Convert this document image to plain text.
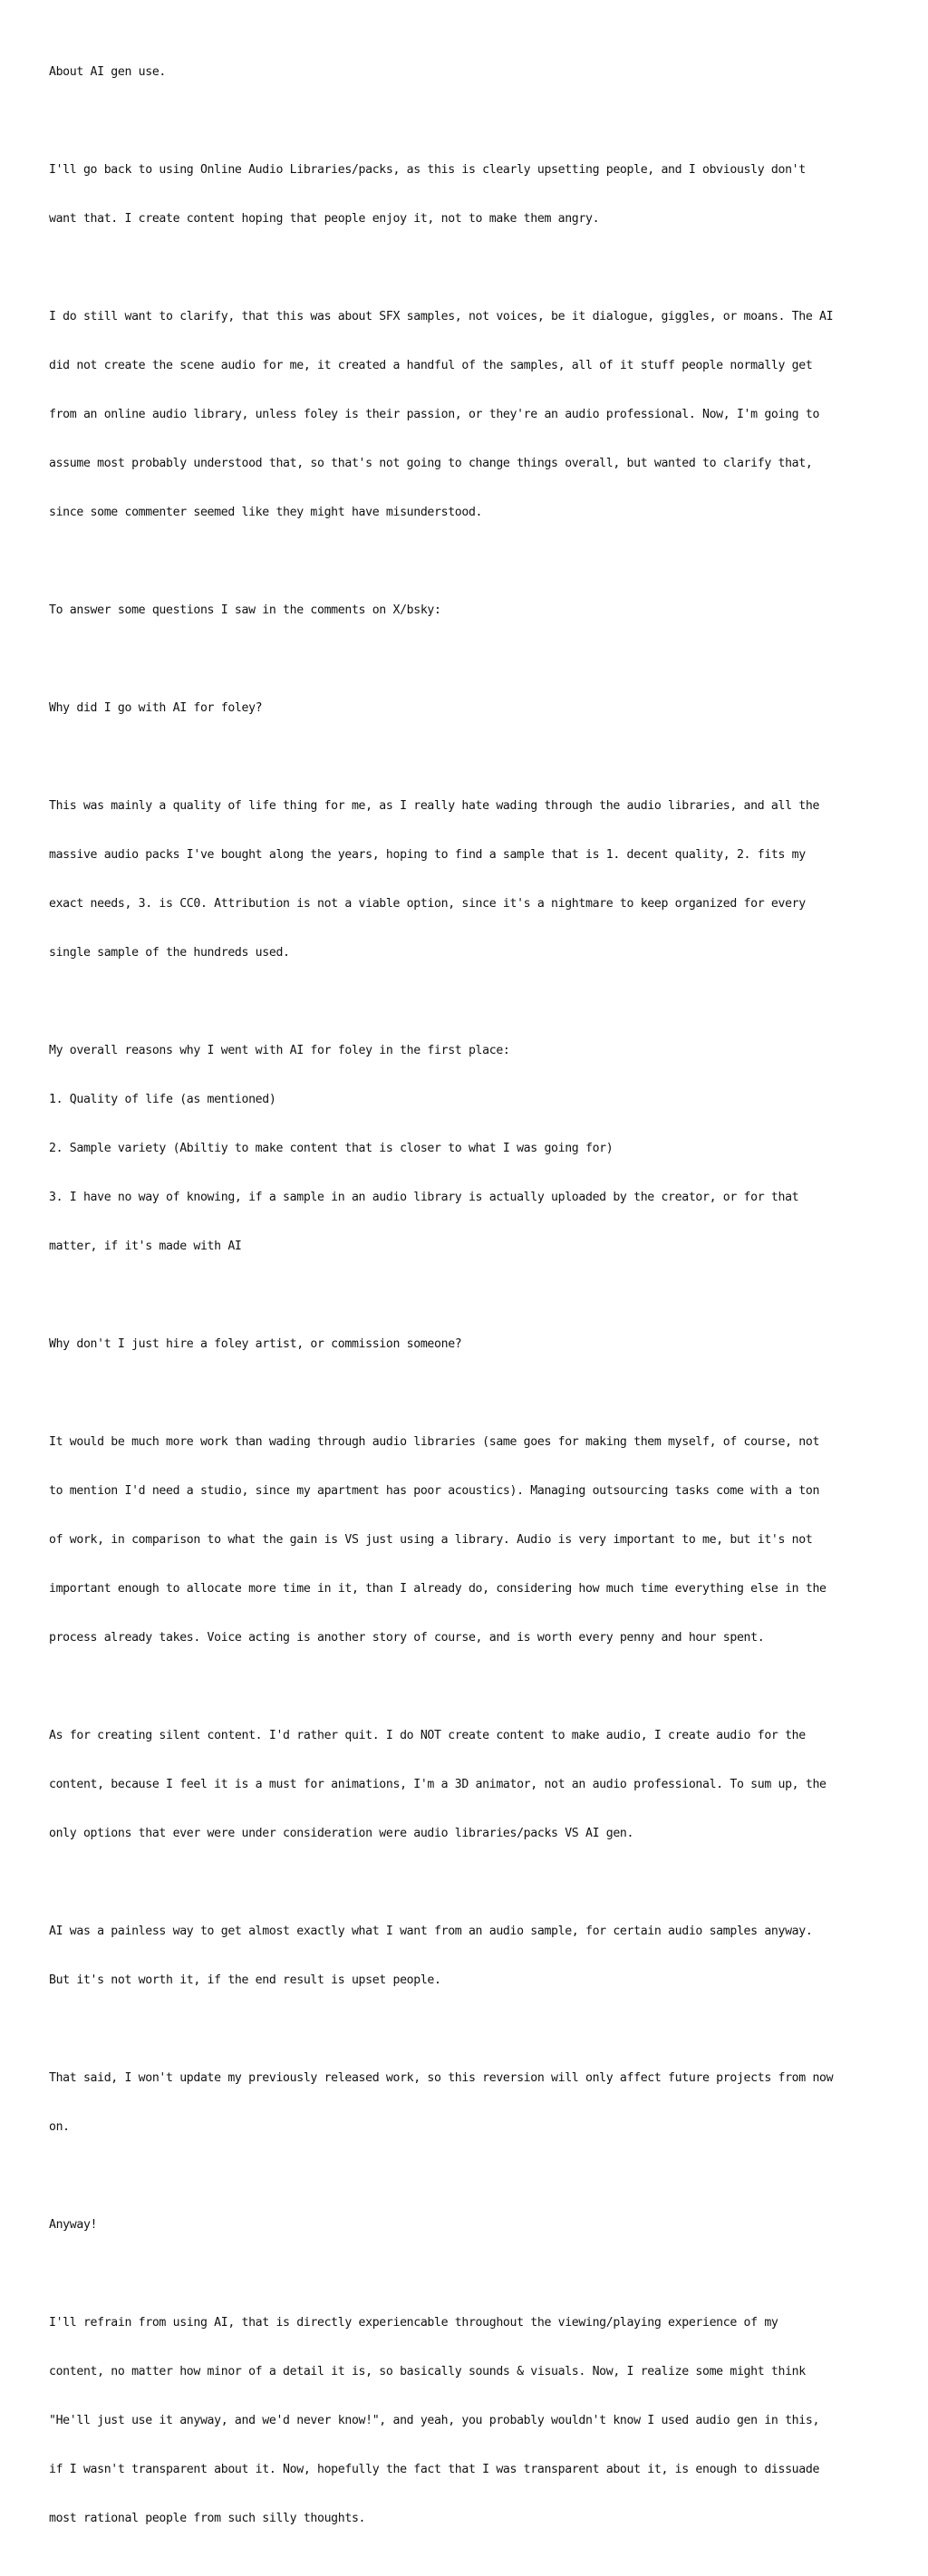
About AI gen use.

I'll go back to using Online Audio Libraries/packs, as this is clearly upsetting people, and I obviously don't

want that. I create content hoping that people enjoy it, not to make them angry.

I do still want to clarify, that this was about SFX samples, not voices, be it dialogue, giggles, or moans. The AI

did not create the scene audio for me, it created a handful of the samples, all of it stuff people normally get

from an online audio library, unless foley is their passion, or they're an audio professional. Now, I'm going to

assume most probably understood that, so that's not going to change things overall, but wanted to clarify that,

since some commenter seemed like they might have misunderstood.

To answer some questions I saw in the comments on X/bsky:

Why did I go with AI for foley?

This was mainly a quality of life thing for me, as I really hate wading through the audio libraries, and all the

massive audio packs I've bought along the years, hoping to find a sample that is 1. decent quality, 2. fits my

exact needs, 3. is CC0. Attribution is not a viable option, since it's a nightmare to keep organized for every

single sample of the hundreds used.

My overall reasons why I went with AI for foley in the first place:

1. Quality of life (as mentioned)

2. Sample variety (Abiltiy to make content that is closer to what I was going for)

3. I have no way of knowing, if a sample in an audio library is actually uploaded by the creator, or for that

matter, if it's made with AI

Why don't I just hire a foley artist, or commission someone?

It would be much more work than wading through audio libraries (same goes for making them myself, of course, not

to mention I'd need a studio, since my apartment has poor acoustics). Managing outsourcing tasks come with a ton

of work, in comparison to what the gain is VS just using a library. Audio is very important to me, but it's not

important enough to allocate more time in it, than I already do, considering how much time everything else in the

process already takes. Voice acting is another story of course, and is worth every penny and hour spent.

As for creating silent content. I'd rather quit. I do NOT create content to make audio, I create audio for the

content, because I feel it is a must for animations, I'm a 3D animator, not an audio professional. To sum up, the

only options that ever were under consideration were audio libraries/packs VS AI gen.

AI was a painless way to get almost exactly what I want from an audio sample, for certain audio samples anyway.

But it's not worth it, if the end result is upset people.

That said, I won't update my previously released work, so this reversion will only affect future projects from now

on.

Anyway!

I'll refrain from using AI, that is directly experiencable throughout the viewing/playing experience of my

content, no matter how minor of a detail it is, so basically sounds & visuals. Now, I realize some might think

"He'll just use it anyway, and we'd never know!", and yeah, you probably wouldn't know I used audio gen in this,

if I wasn't transparent about it. Now, hopefully the fact that I was transparent about it, is enough to dissuade

most rational people from such silly thoughts.
